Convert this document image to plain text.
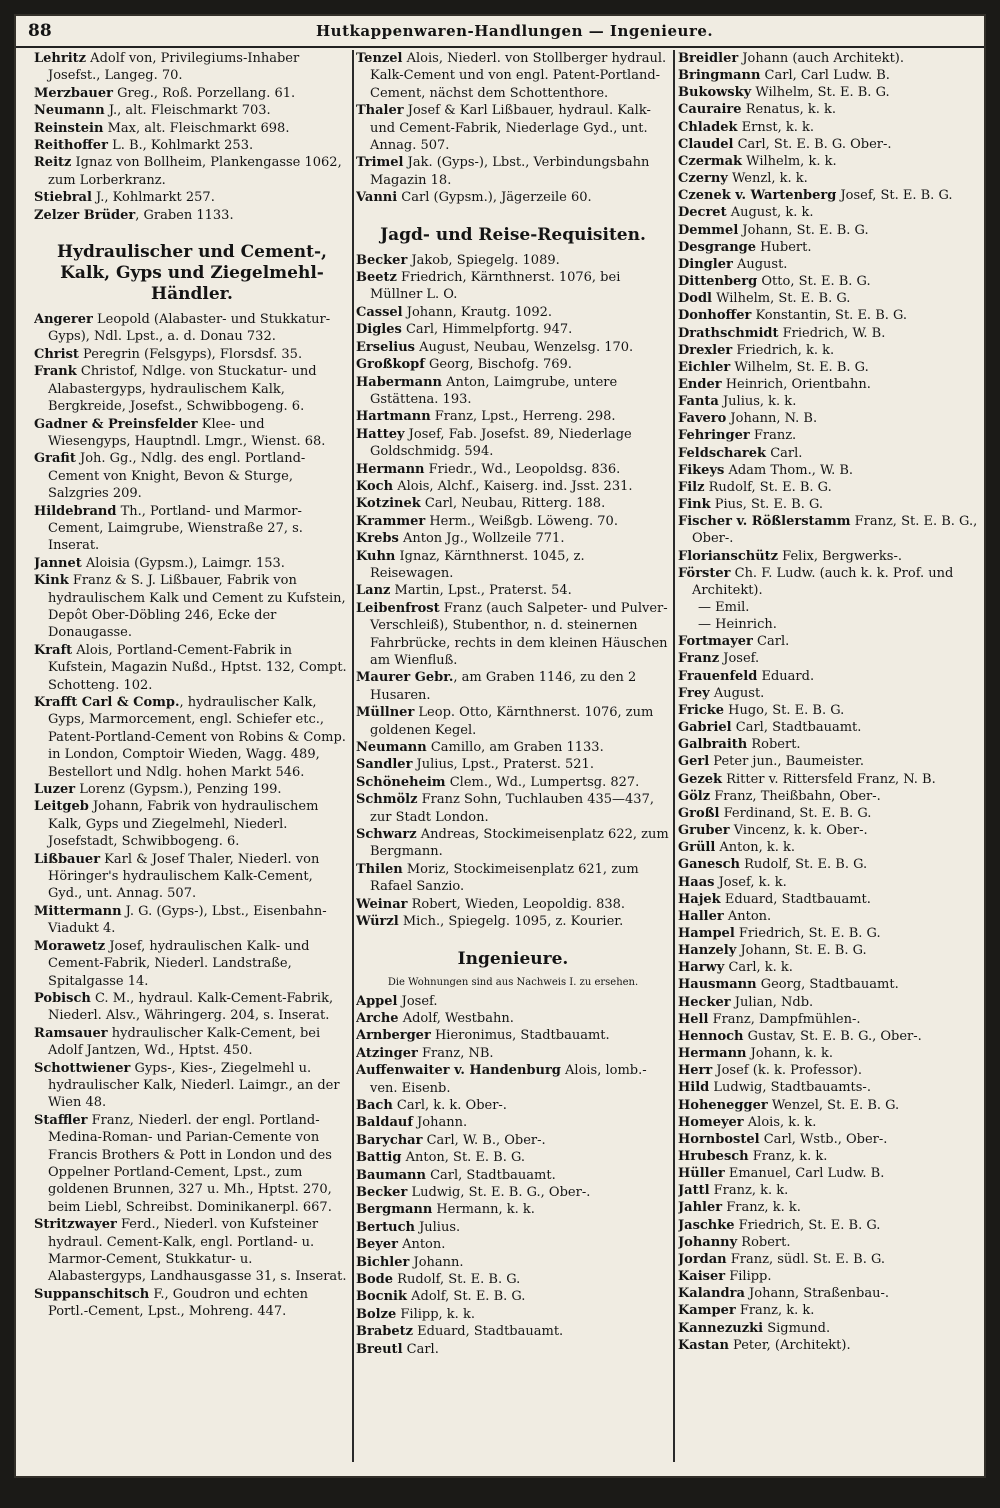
88	Hutkappenwaren-Handlungen — Ingenieure.

Lehritz Adolf von, Privilegiums-Inhaber Josefst., Langeg. 70.

Merzbauer Greg., Roß. Porzellang. 61.

Neumann J., alt. Fleischmarkt 703.

Reinstein Max, alt. Fleischmarkt 698.

Reithoffer L. B., Kohlmarkt 253.

Reitz Ignaz von Bollheim, Plankengasse 1062, zum Lorberkranz.

Stiebral J., Kohlmarkt 257.

Zelzer Brüder, Graben 1133.

Hydraulischer und Cement-, Kalk, Gyps und Ziegelmehl-Händler.

Angerer Leopold (Alabaster- und Stukkatur-Gyps), Ndl. Lpst., a. d. Donau 732.

Christ Peregrin (Felsgyps), Florsdsf. 35.

Frank Christof, Ndlge. von Stuckatur- und Alabastergyps, hydraulischem Kalk, Bergkreide, Josefst., Schwibbogeng. 6.

Gadner & Preinsfelder Klee- und Wiesengyps, Hauptndl. Lmgr., Wienst. 68.

Grafit Joh. Gg., Ndlg. des engl. Portland-Cement von Knight, Bevon & Sturge, Salzgries 209.

Hildebrand Th., Portland- und Marmor-Cement, Laimgrube, Wienstraße 27, s. Inserat.

Jannet Aloisia (Gypsm.), Laimgr. 153.

Kink Franz & S. J. Lißbauer, Fabrik von hydraulischem Kalk und Cement zu Kufstein, Depôt Ober-Döbling 246, Ecke der Donaugasse.

Kraft Alois, Portland-Cement-Fabrik in Kufstein, Magazin Nußd., Hptst. 132, Compt. Schotteng. 102.

Krafft Carl & Comp., hydraulischer Kalk, Gyps, Marmorcement, engl. Schiefer etc., Patent-Portland-Cement von Robins & Comp. in London, Comptoir Wieden, Wagg. 489, Bestellort und Ndlg. hohen Markt 546.

Luzer Lorenz (Gypsm.), Penzing 199.

Leitgeb Johann, Fabrik von hydraulischem Kalk, Gyps und Ziegelmehl, Niederl. Josefstadt, Schwibbogeng. 6.

Lißbauer Karl & Josef Thaler, Niederl. von Höringer's hydraulischem Kalk-Cement, Gyd., unt. Annag. 507.

Mittermann J. G. (Gyps-), Lbst., Eisenbahn-Viadukt 4.

Morawetz Josef, hydraulischen Kalk- und Cement-Fabrik, Niederl. Landstraße, Spitalgasse 14.

Pobisch C. M., hydraul. Kalk-Cement-Fabrik, Niederl. Alsv., Währingerg. 204, s. Inserat.

Ramsauer hydraulischer Kalk-Cement, bei Adolf Jantzen, Wd., Hptst. 450.

Schottwiener Gyps-, Kies-, Ziegelmehl u. hydraulischer Kalk, Niederl. Laimgr., an der Wien 48.

Staffler Franz, Niederl. der engl. Portland-Medina-Roman- und Parian-Cemente von Francis Brothers & Pott in London und des Oppelner Portland-Cement, Lpst., zum goldenen Brunnen, 327 u. Mh., Hptst. 270, beim Liebl, Schreibst. Dominikanerpl. 667.

Stritzwayer Ferd., Niederl. von Kufsteiner hydraul. Cement-Kalk, engl. Portland- u. Marmor-Cement, Stukkatur- u. Alabastergyps, Landhausgasse 31, s. Inserat.

Suppanschitsch F., Goudron und echten Portl.-Cement, Lpst., Mohreng. 447.

Tenzel Alois, Niederl. von Stollberger hydraul. Kalk-Cement und von engl. Patent-Portland-Cement, nächst dem Schottenthore.

Thaler Josef & Karl Lißbauer, hydraul. Kalk- und Cement-Fabrik, Niederlage Gyd., unt. Annag. 507.

Trimel Jak. (Gyps-), Lbst., Verbindungsbahn Magazin 18.

Vanni Carl (Gypsm.), Jägerzeile 60.

Jagd- und Reise-Requisiten.

Becker Jakob, Spiegelg. 1089.

Beetz Friedrich, Kärnthnerst. 1076, bei Müllner L. O.

Cassel Johann, Krautg. 1092.

Digles Carl, Himmelpfortg. 947.

Erselius August, Neubau, Wenzelsg. 170.

Großkopf Georg, Bischofg. 769.

Habermann Anton, Laimgrube, untere Gstättena. 193.

Hartmann Franz, Lpst., Herreng. 298.

Hattey Josef, Fab. Josefst. 89, Niederlage Goldschmidg. 594.

Hermann Friedr., Wd., Leopoldsg. 836.

Koch Alois, Alchf., Kaiserg. ind. Jsst. 231.

Kotzinek Carl, Neubau, Ritterg. 188.

Krammer Herm., Weißgb. Löweng. 70.

Krebs Anton Jg., Wollzeile 771.

Kuhn Ignaz, Kärnthnerst. 1045, z. Reisewagen.

Lanz Martin, Lpst., Praterst. 54.

Leibenfrost Franz (auch Salpeter- und Pulver-Verschleiß), Stubenthor, n. d. steinernen Fahrbrücke, rechts in dem kleinen Häuschen am Wienfluß.

Maurer Gebr., am Graben 1146, zu den 2 Husaren.

Müllner Leop. Otto, Kärnthnerst. 1076, zum goldenen Kegel.

Neumann Camillo, am Graben 1133.

Sandler Julius, Lpst., Praterst. 521.

Schöneheim Clem., Wd., Lumpertsg. 827.

Schmölz Franz Sohn, Tuchlauben 435—437, zur Stadt London.

Schwarz Andreas, Stockimeisenplatz 622, zum Bergmann.

Thilen Moriz, Stockimeisenplatz 621, zum Rafael Sanzio.

Weinar Robert, Wieden, Leopoldig. 838.

Würzl Mich., Spiegelg. 1095, z. Kourier.

Ingenieure.
Die Wohnungen sind aus Nachweis I. zu ersehen.

Appel Josef.

Arche Adolf, Westbahn.

Arnberger Hieronimus, Stadtbauamt.

Atzinger Franz, NB.

Auffenwaiter v. Handenburg Alois, lomb.-ven. Eisenb.

Bach Carl, k. k. Ober-.

Baldauf Johann.

Barychar Carl, W. B., Ober-.

Battig Anton, St. E. B. G.

Baumann Carl, Stadtbauamt.

Becker Ludwig, St. E. B. G., Ober-.

Bergmann Hermann, k. k.

Bertuch Julius.

Beyer Anton.

Bichler Johann.

Bode Rudolf, St. E. B. G.

Bocnik Adolf, St. E. B. G.

Bolze Filipp, k. k.

Brabetz Eduard, Stadtbauamt.

Breutl Carl.

Breidler Johann (auch Architekt).

Bringmann Carl, Carl Ludw. B.

Bukowsky Wilhelm, St. E. B. G.

Cauraire Renatus, k. k.

Chladek Ernst, k. k.

Claudel Carl, St. E. B. G. Ober-.

Czermak Wilhelm, k. k.

Czerny Wenzl, k. k.

Czenek v. Wartenberg Josef, St. E. B. G.

Decret August, k. k.

Demmel Johann, St. E. B. G.

Desgrange Hubert.

Dingler August.

Dittenberg Otto, St. E. B. G.

Dodl Wilhelm, St. E. B. G.

Donhoffer Konstantin, St. E. B. G.

Drathschmidt Friedrich, W. B.

Drexler Friedrich, k. k.

Eichler Wilhelm, St. E. B. G.

Ender Heinrich, Orientbahn.

Fanta Julius, k. k.

Favero Johann, N. B.

Fehringer Franz.

Feldscharek Carl.

Fikeys Adam Thom., W. B.

Filz Rudolf, St. E. B. G.

Fink Pius, St. E. B. G.

Fischer v. Rößlerstamm Franz, St. E. B. G., Ober-.

Florianschütz Felix, Bergwerks-.

Förster Ch. F. Ludw. (auch k. k. Prof. und Architekt).

— Emil.

— Heinrich.

Fortmayer Carl.

Franz Josef.

Frauenfeld Eduard.

Frey August.

Fricke Hugo, St. E. B. G.

Gabriel Carl, Stadtbauamt.

Galbraith Robert.

Gerl Peter jun., Baumeister.

Gezek Ritter v. Rittersfeld Franz, N. B.

Gölz Franz, Theißbahn, Ober-.

Großl Ferdinand, St. E. B. G.

Gruber Vincenz, k. k. Ober-.

Grüll Anton, k. k.

Ganesch Rudolf, St. E. B. G.

Haas Josef, k. k.

Hajek Eduard, Stadtbauamt.

Haller Anton.

Hampel Friedrich, St. E. B. G.

Hanzely Johann, St. E. B. G.

Harwy Carl, k. k.

Hausmann Georg, Stadtbauamt.

Hecker Julian, Ndb.

Hell Franz, Dampfmühlen-.

Hennoch Gustav, St. E. B. G., Ober-.

Hermann Johann, k. k.

Herr Josef (k. k. Professor).

Hild Ludwig, Stadtbauamts-.

Hohenegger Wenzel, St. E. B. G.

Homeyer Alois, k. k.

Hornbostel Carl, Wstb., Ober-.

Hrubesch Franz, k. k.

Hüller Emanuel, Carl Ludw. B.

Jattl Franz, k. k.

Jahler Franz, k. k.

Jaschke Friedrich, St. E. B. G.

Johanny Robert.

Jordan Franz, südl. St. E. B. G.

Kaiser Filipp.

Kalandra Johann, Straßenbau-.

Kamper Franz, k. k.

Kannezuzki Sigmund.

Kastan Peter, (Architekt).
